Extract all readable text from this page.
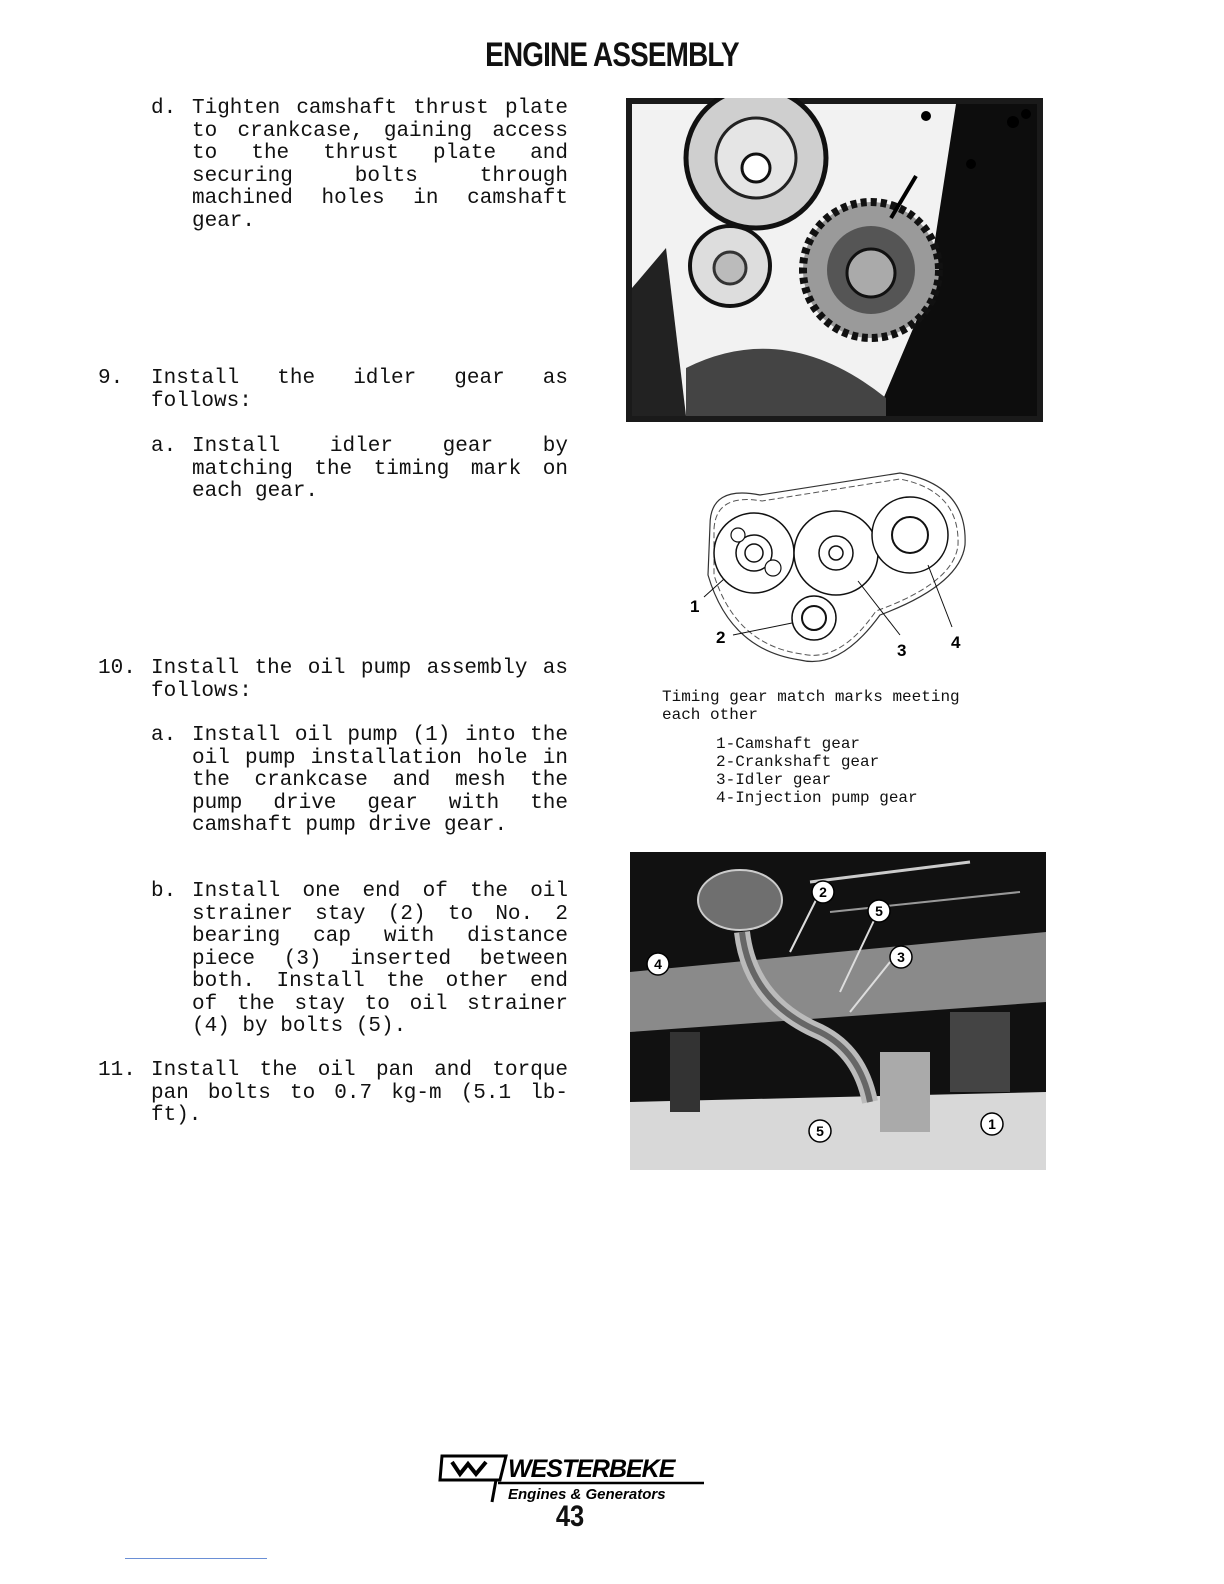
ENGINE ASSEMBLY
d. Tighten camshaft thrust plate to crankcase, gaining access to the thrust plate and securing bolts through machined holes in camshaft gear.
9. Install the idler gear as follows:
a. Install idler gear by matching the timing mark on each gear.
10. Install the oil pump assembly as follows:
a. Install oil pump (1) into the oil pump installation hole in the crankcase and mesh the pump drive gear with the camshaft pump drive gear.
b. Install one end of the oil strainer stay (2) to No. 2 bearing cap with distance piece (3) inserted between both. Install the other end of the stay to oil strainer (4) by bolts (5).
11. Install the oil pan and torque pan bolts to 0.7 kg-m (5.1 lb-ft).
1
2
3	4
Timing gear match marks meeting each other
1-Camshaft gear
2-Crankshaft gear
3-Idler gear
4-Injection pump gear
2
5
4	3
5	1
WESTERBEKE
Engines & Generators
43
